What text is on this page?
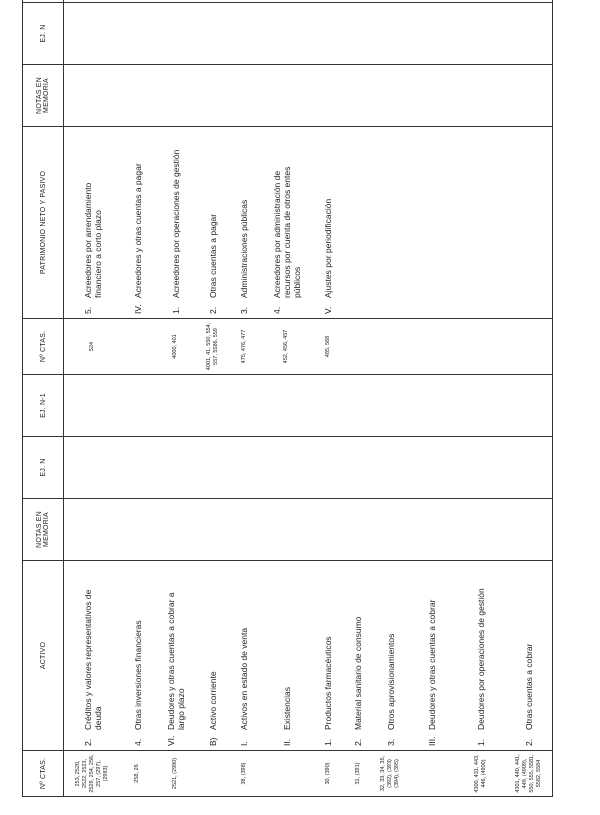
Nº CTAS.	ACTIVO	NOTAS EN MEMORIA	EJ. N	EJ. N-1	Nº CTAS.	PATRIMONIO NETO Y PASIVO	NOTAS EN MEMORIA	EJ. N	
253, 2520, 2522, 2523, 2529, 254, 256, 257, (297), (2983)	2.Créditos y valores representativos de deuda				524	5.Acreedores por arrendamiento financiero a corto plazo			
258, 26	4.Otras inversiones financieras					IV.Acreedores y otras cuentas a pagar			
2521, (2980)	VI.Deudores y otras cuentas a cobrar a largo plazo				4000, 401	1.Acreedores por operaciones de gestión			
	B)Activo corriente				4001, 41, 550, 554, 557, 5586, 559	2.Otras cuentas a pagar			
38, (398)	I.Activos en estado de venta				475, 476, 477	3.Administraciones públicas			
	II.Existencias				452, 456, 457	4.Acreedores por administración de recursos por cuenta de otros entes públicos			
30, (390)	1.Productos farmacéuticos				485, 568	V.Ajustes por periodificación			
31, (391)	2.Material sanitario de consumo								
32, 33, 34, 35, (392), (393) (394), (395)	3.Otros aprovisionamientos								
	III.Deudores y otras cuentas a cobrar								
4300, 431, 443, 446, (4900)	1.Deudores por operaciones de gestión								
4301, 440, 441, 449, (4909), 550, 555, 5581, 5582, 5584	2.Otras cuentas a cobrar								
